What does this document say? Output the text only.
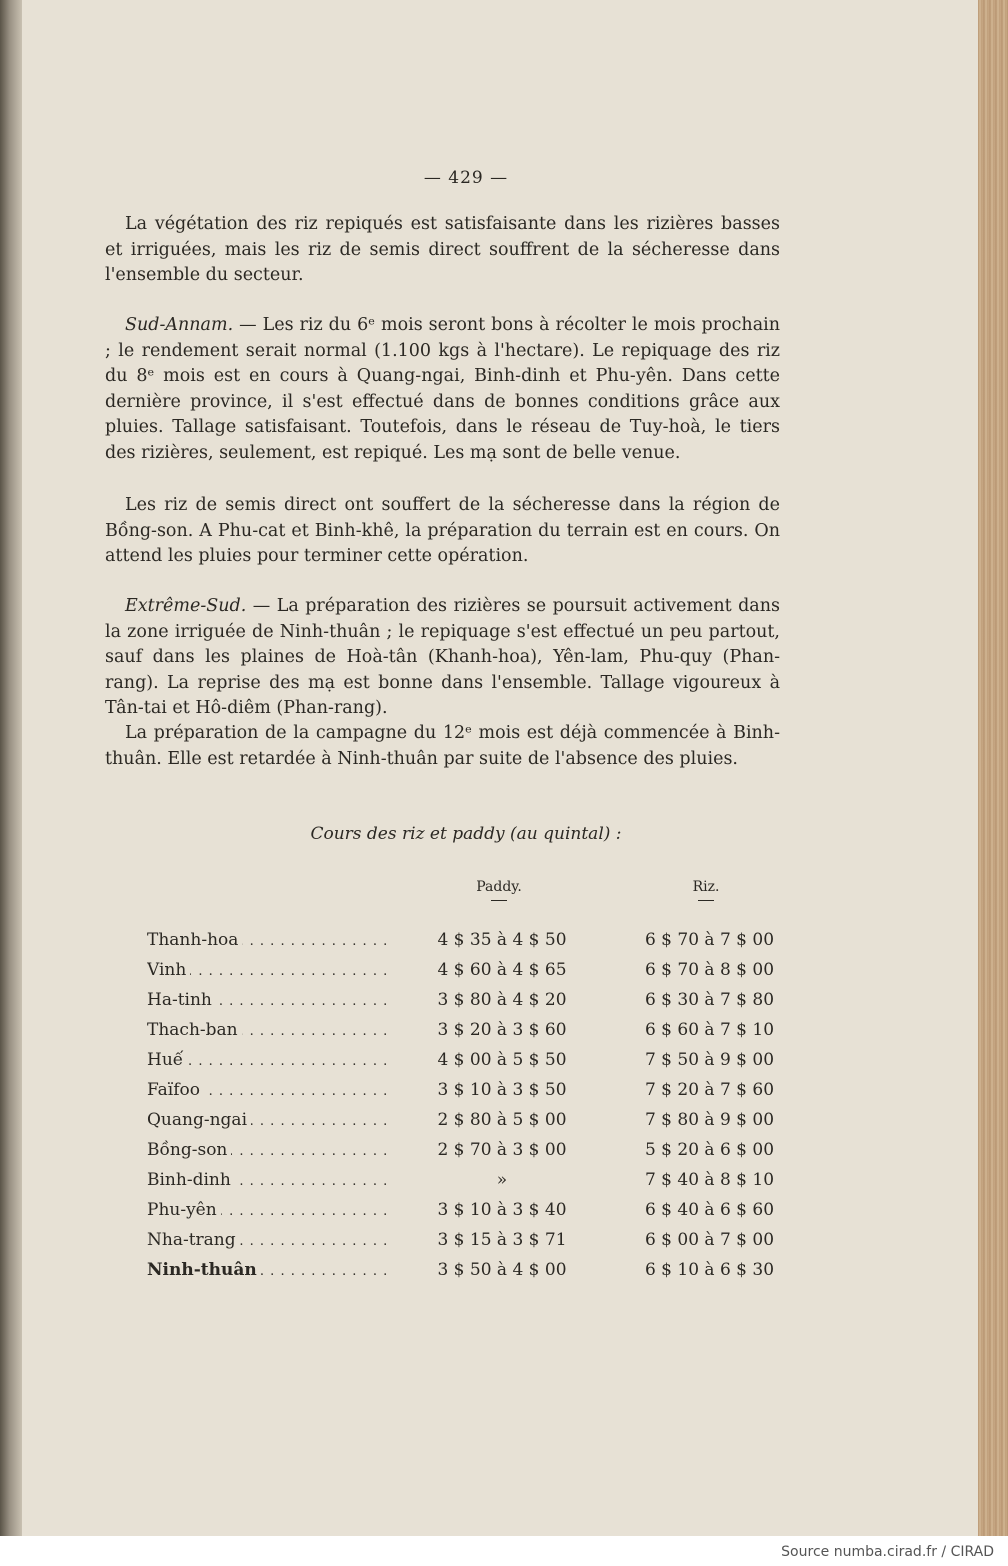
— 429 —

La végétation des riz repiqués est satisfaisante dans les rizières basses et irriguées, mais les riz de semis direct souffrent de la sécheresse dans l'ensemble du secteur.

Sud-Annam. — Les riz du 6ᵉ mois seront bons à récolter le mois prochain ; le rendement serait normal (1.100 kgs à l'hectare). Le repiquage des riz du 8ᵉ mois est en cours à Quang-ngai, Binh-dinh et Phu-yên. Dans cette dernière province, il s'est effectué dans de bonnes conditions grâce aux pluies. Tallage satisfaisant. Toutefois, dans le réseau de Tuy-hoà, le tiers des rizières, seulement, est repiqué. Les mạ sont de belle venue.

Les riz de semis direct ont souffert de la sécheresse dans la région de Bồng-son. A Phu-cat et Binh-khê, la préparation du terrain est en cours. On attend les pluies pour terminer cette opération.

Extrême-Sud. — La préparation des rizières se poursuit activement dans la zone irriguée de Ninh-thuân ; le repiquage s'est effectué un peu partout, sauf dans les plaines de Hoà-tân (Khanh-hoa), Yên-lam, Phu-quy (Phan-rang). La reprise des mạ est bonne dans l'ensemble. Tallage vigoureux à Tân-tai et Hô-diêm (Phan-rang).

La préparation de la campagne du 12ᵉ mois est déjà commencée à Binh-thuân. Elle est retardée à Ninh-thuân par suite de l'absence des pluies.

Cours des riz et paddy (au quintal) :
Paddy.	Riz.
Thanh-hoa . . .	4 $ 35 à 4 $ 50	6 $ 70 à 7 $ 00
Vinh . . .	4 $ 60 à 4 $ 65	6 $ 70 à 8 $ 00
Ha-tinh . . .	3 $ 80 à 4 $ 20	6 $ 30 à 7 $ 80
Thach-ban . . .	3 $ 20 à 3 $ 60	6 $ 60 à 7 $ 10
Huế . . .	4 $ 00 à 5 $ 50	7 $ 50 à 9 $ 00
Faïfoo . . .	3 $ 10 à 3 $ 50	7 $ 20 à 7 $ 60
Quang-ngai . . .	2 $ 80 à 5 $ 00	7 $ 80 à 9 $ 00
Bồng-son . . .	2 $ 70 à 3 $ 00	5 $ 20 à 6 $ 00
Binh-dinh . . .	»	7 $ 40 à 8 $ 10
Phu-yên . . .	3 $ 10 à 3 $ 40	6 $ 40 à 6 $ 60
Nha-trang . . .	3 $ 15 à 3 $ 71	6 $ 00 à 7 $ 00
Ninh-thuân . . .	3 $ 50 à 4 $ 00	6 $ 10 à 6 $ 30
Source numba.cirad.fr / CIRAD
